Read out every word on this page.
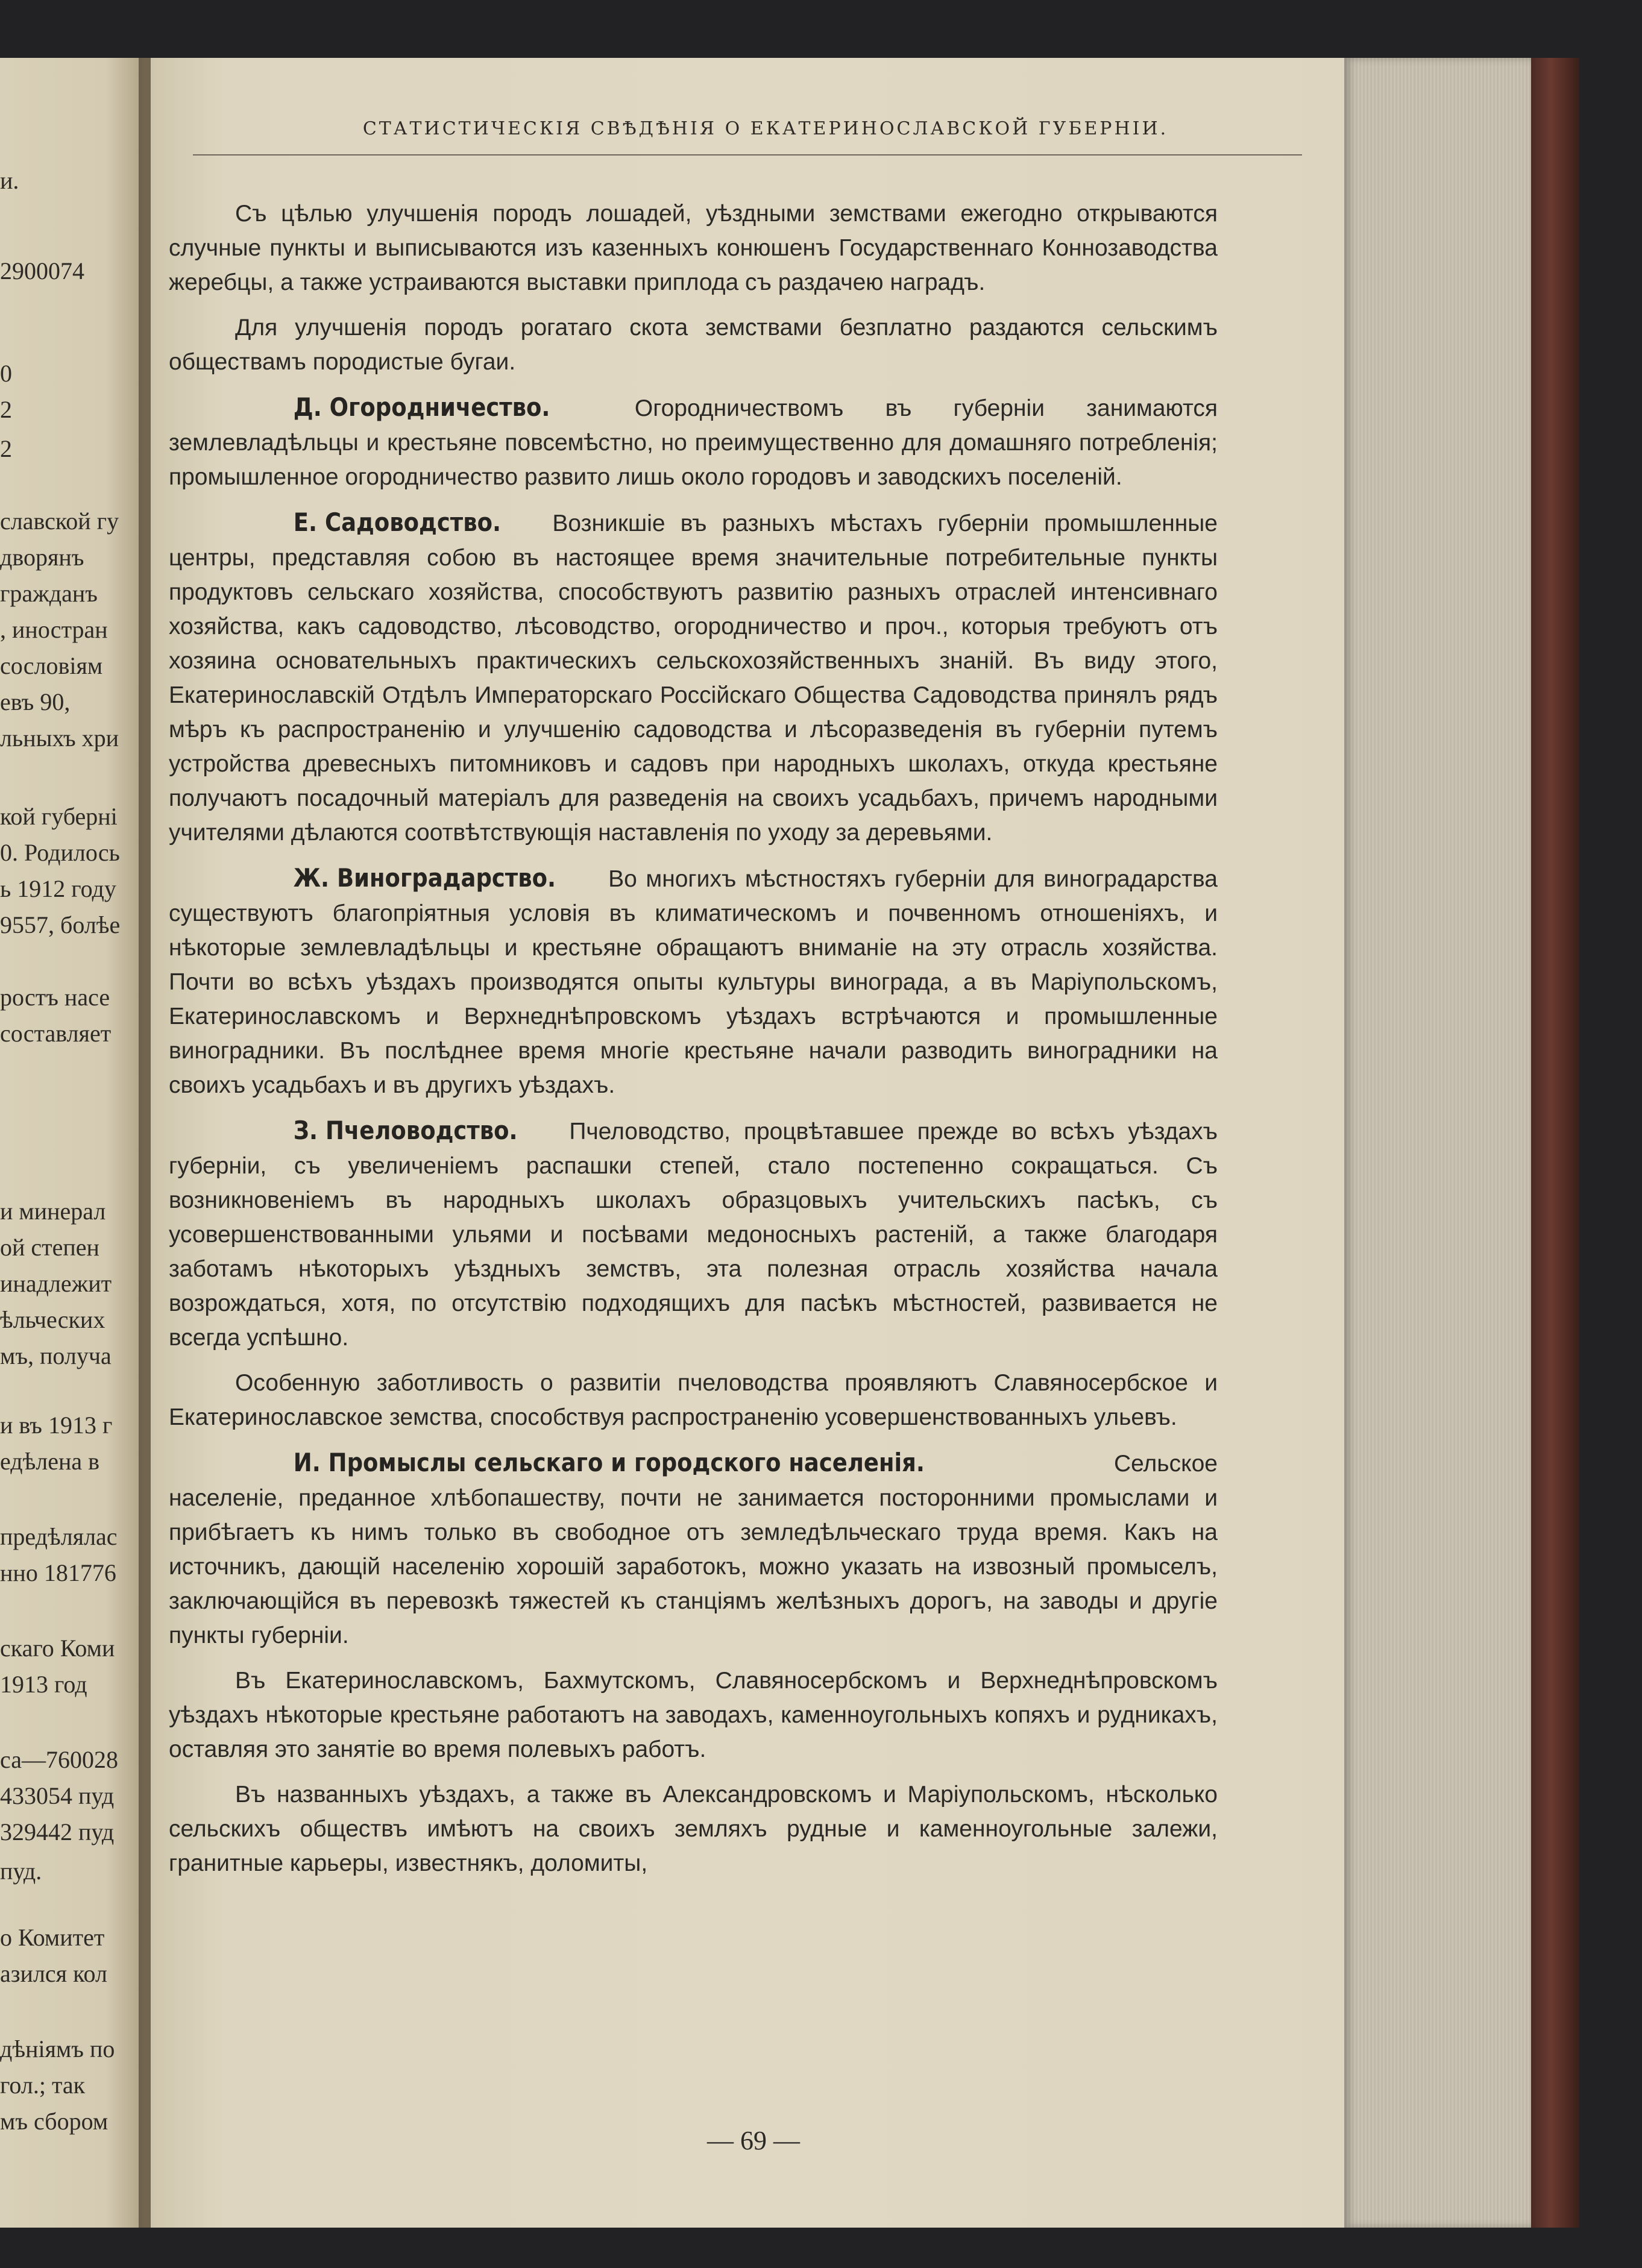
и.
2900074
0
2
2
славской гу
дворянъ
гражданъ
, иностран
сословіям
евъ 90,
льныхъ хри
кой губерні
0. Родилось
ь 1912 году
9557, болѣе
ростъ насе
составляет
и минерал
ой степен
инадлежит
ѣльческих
мъ, получа
и въ 1913 г
едѣлена в
предѣлялас
нно 181776
скаго Коми
1913 год
са—760028
433054 пуд
329442 пуд
пуд.
о Комитет
азился кол
дѣніямъ по
гол.; так
мъ сбором
СТАТИСТИЧЕСКІЯ СВѢДѢНІЯ О ЕКАТЕРИНОСЛАВСКОЙ ГУБЕРНІИ.

Съ цѣлью улучшенія породъ лошадей, уѣздными земствами ежегодно открываются случные пункты и выписываются изъ казенныхъ конюшенъ Государственнаго Коннозаводства жеребцы, а также устраиваются выставки приплода съ раздачею наградъ.

Для улучшенія породъ рогатаго скота земствами безплатно раздаются сельскимъ обществамъ породистые бугаи.

Д. Огородничество.	Огородничествомъ въ губерніи занимаются землевладѣльцы и крестьяне повсемѣстно, но преимущественно для домашняго потребленія; промышленное огородничество развито лишь около городовъ и заводскихъ поселеній.

Е. Садоводство. Возникшіе въ разныхъ мѣстахъ губерніи промышленные центры, представляя собою въ настоящее время значительные потребительные пункты продуктовъ сельскаго хозяйства, способствуютъ развитію разныхъ отраслей интенсивнаго хозяйства, какъ садоводство, лѣсоводство, огородничество и проч., которыя требуютъ отъ хозяина основательныхъ практическихъ сельскохозяйственныхъ знаній. Въ виду этого, Екатеринославскій Отдѣлъ Императорскаго Россійскаго Общества Садоводства принялъ рядъ мѣръ къ распространенію и улучшенію садоводства и лѣсоразведенія въ губерніи путемъ устройства древесныхъ питомниковъ и садовъ при народныхъ школахъ, откуда крестьяне получаютъ посадочный матеріалъ для разведенія на своихъ усадьбахъ, причемъ народными учителями дѣлаются соотвѣтствующія наставленія по уходу за деревьями.

Ж. Виноградарство. Во многихъ мѣстностяхъ губерніи для виноградарства существуютъ благопріятныя условія въ климатическомъ и почвенномъ отношеніяхъ, и нѣкоторые землевладѣльцы и крестьяне обращаютъ вниманіе на эту отрасль хозяйства. Почти во всѣхъ уѣздахъ производятся опыты культуры винограда, а въ Маріупольскомъ, Екатеринославскомъ и Верхнеднѣпровскомъ уѣздахъ встрѣчаются и промышленные виноградники. Въ послѣднее время многіе крестьяне начали разводить виноградники на своихъ усадьбахъ и въ другихъ уѣздахъ.

З. Пчеловодство. Пчеловодство, процвѣтавшее прежде во всѣхъ уѣздахъ губерніи, съ увеличеніемъ распашки степей, стало постепенно сокращаться. Съ возникновеніемъ въ народныхъ школахъ образцовыхъ учительскихъ пасѣкъ, съ усовершенствованными ульями и посѣвами медоносныхъ растеній, а также благодаря заботамъ нѣкоторыхъ уѣздныхъ земствъ, эта полезная отрасль хозяйства начала возрождаться, хотя, по отсутствію подходящихъ для пасѣкъ мѣстностей, развивается не всегда успѣшно.

Особенную заботливость о развитіи пчеловодства проявляютъ Славяносербское и Екатеринославское земства, способствуя распространенію усовершенствованныхъ ульевъ.

И. Промыслы сельскаго и городского населенія.	Сельское населеніе, преданное хлѣбопашеству, почти не занимается посторонними промыслами и прибѣгаетъ къ нимъ только въ свободное отъ земледѣльческаго труда время. Какъ на источникъ, дающій населенію хорошій заработокъ, можно указать на извозный промыселъ, заключающійся въ перевозкѣ тяжестей къ станціямъ желѣзныхъ дорогъ, на заводы и другіе пункты губерніи.

Въ Екатеринославскомъ, Бахмутскомъ, Славяносербскомъ и Верхнеднѣпровскомъ уѣздахъ нѣкоторые крестьяне работаютъ на заводахъ, каменноугольныхъ копяхъ и рудникахъ, оставляя это занятіе во время полевыхъ работъ.

Въ названныхъ уѣздахъ, а также въ Александровскомъ и Маріупольскомъ, нѣсколько сельскихъ обществъ имѣютъ на своихъ земляхъ рудные и каменноугольные залежи, гранитные карьеры, известнякъ, доломиты,

— 69 —
